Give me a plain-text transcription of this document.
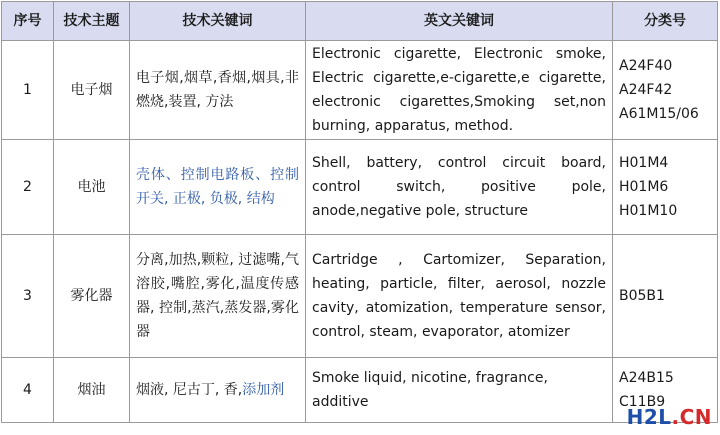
序号	技术主题	技术关键词	英文关键词	分类号
1	电子烟	电子烟,烟草,香烟,烟具,非燃烧,装置, 方法	Electronic cigarette, Electronic smoke, Electric cigarette,e-cigarette,e cigarette, electronic cigarettes,Smoking set,non burning, apparatus, method.	A24F40
A24F42
A61M15/06
2	电池	壳体、控制电路板、控制开关, 正极, 负极, 结构	Shell, battery, control circuit board, control switch, positive pole, anode,negative pole, structure	H01M4
H01M6
H01M10
3	雾化器	分离,加热,颗粒, 过滤嘴,气溶胶,嘴腔,雾化,温度传感器, 控制,蒸汽,蒸发器,雾化器	Cartridge , Cartomizer, Separation, heating, particle, filter, aerosol, nozzle cavity, atomization, temperature sensor, control, steam, evaporator, atomizer	B05B1
4	烟油	烟液, 尼古丁, 香,添加剂	Smoke liquid, nicotine, fragrance, additive	A24B15
C11B9
H2L.CN
